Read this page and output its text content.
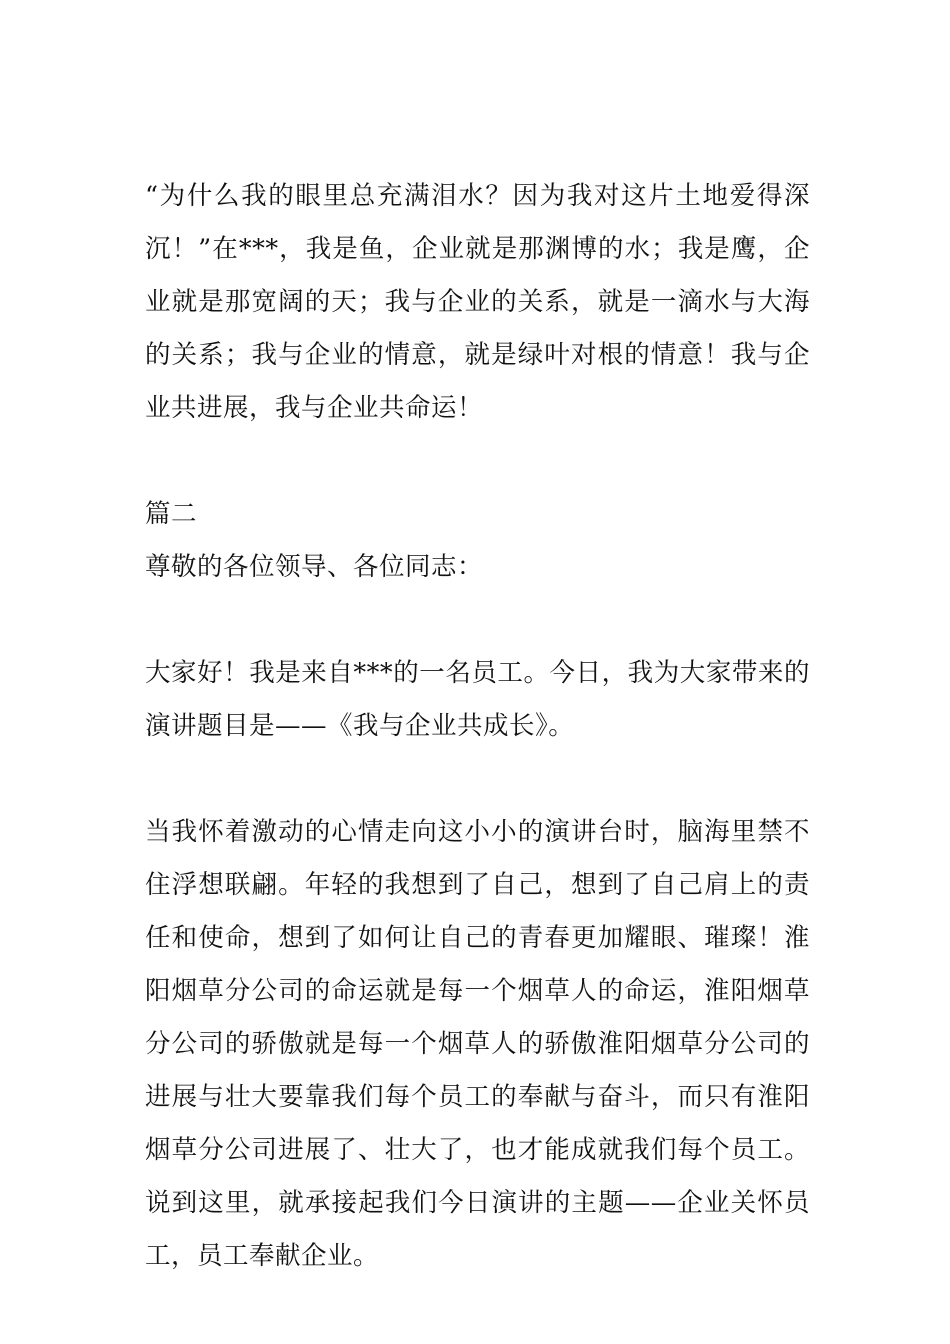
“为什么我的眼里总充满泪水？因为我对这片土地爱得深沉！”在***，我是鱼，企业就是那渊博的水；我是鹰，企业就是那宽阔的天；我与企业的关系，就是一滴水与大海的关系；我与企业的情意，就是绿叶对根的情意！我与企业共进展，我与企业共命运！

篇二

尊敬的各位领导、各位同志：

大家好！我是来自***的一名员工。今日，我为大家带来的演讲题目是——《我与企业共成长》。

当我怀着激动的心情走向这小小的演讲台时，脑海里禁不住浮想联翩。年轻的我想到了自己，想到了自己肩上的责任和使命，想到了如何让自己的青春更加耀眼、璀璨！淮阳烟草分公司的命运就是每一个烟草人的命运，淮阳烟草分公司的骄傲就是每一个烟草人的骄傲淮阳烟草分公司的进展与壮大要靠我们每个员工的奉献与奋斗，而只有淮阳烟草分公司进展了、壮大了，也才能成就我们每个员工。说到这里，就承接起我们今日演讲的主题——企业关怀员工，员工奉献企业。
